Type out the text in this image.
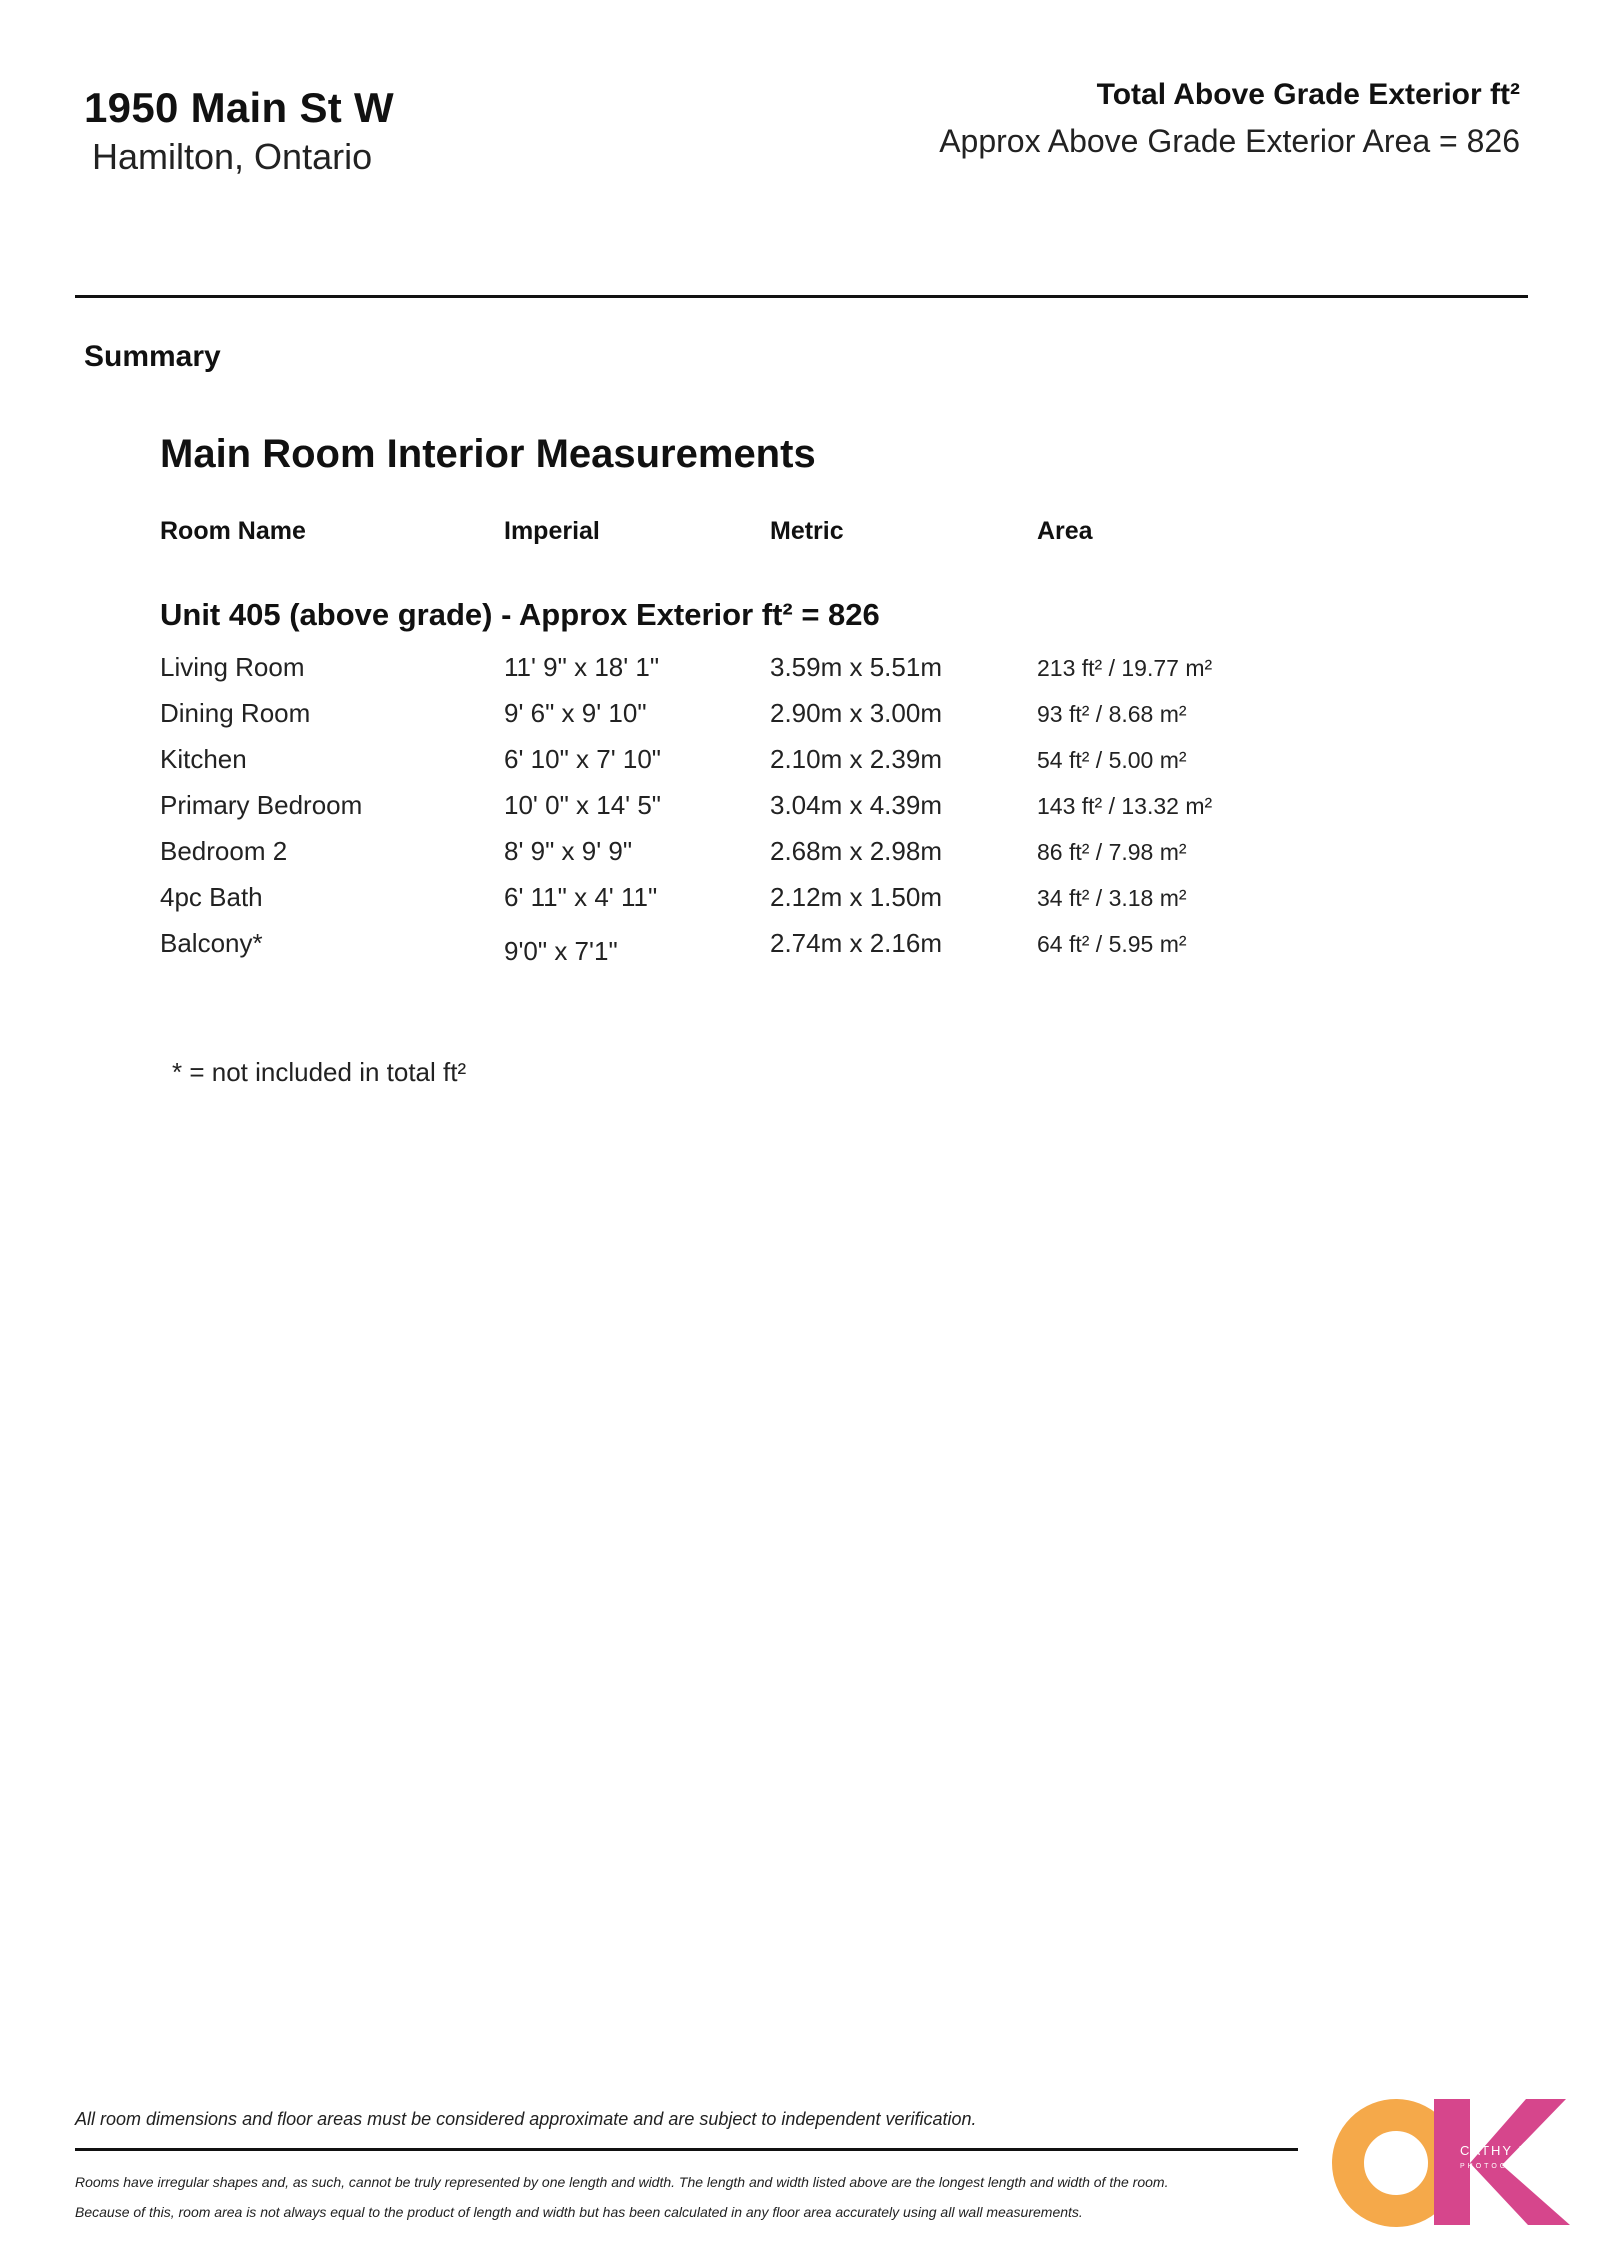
1950 Main St W
Hamilton, Ontario
Total Above Grade Exterior ft²
Approx Above Grade Exterior Area = 826
Summary
Main Room Interior Measurements
Room Name	Imperial	Metric	Area
Unit 405 (above grade) - Approx Exterior ft² = 826
Living Room	11' 9" x 18' 1"	3.59m x 5.51m	213 ft² / 19.77 m²
Dining Room	9' 6" x 9' 10"	2.90m x 3.00m	93 ft² / 8.68 m²
Kitchen	6' 10" x 7' 10"	2.10m x 2.39m	54 ft² / 5.00 m²
Primary Bedroom	10' 0" x 14' 5"	3.04m x 4.39m	143 ft² / 13.32 m²
Bedroom 2	8' 9" x 9' 9"	2.68m x 2.98m	86 ft² / 7.98 m²
4pc Bath	6' 11" x 4' 11"	2.12m x 1.50m	34 ft² / 3.18 m²
Balcony*	9'0" x 7'1"	2.74m x 2.16m	64 ft² / 5.95 m²
* = not included in total ft²
All room dimensions and floor areas must be considered approximate and are subject to independent verification.
Rooms have irregular shapes and, as such, cannot be truly represented by one length and width. The length and width listed above are the longest length and width of the room.
Because of this, room area is not always equal to the product of length and width but has been calculated in any floor area accurately using all wall measurements.
CATHY KOOP
PHOTOGRAPHY
